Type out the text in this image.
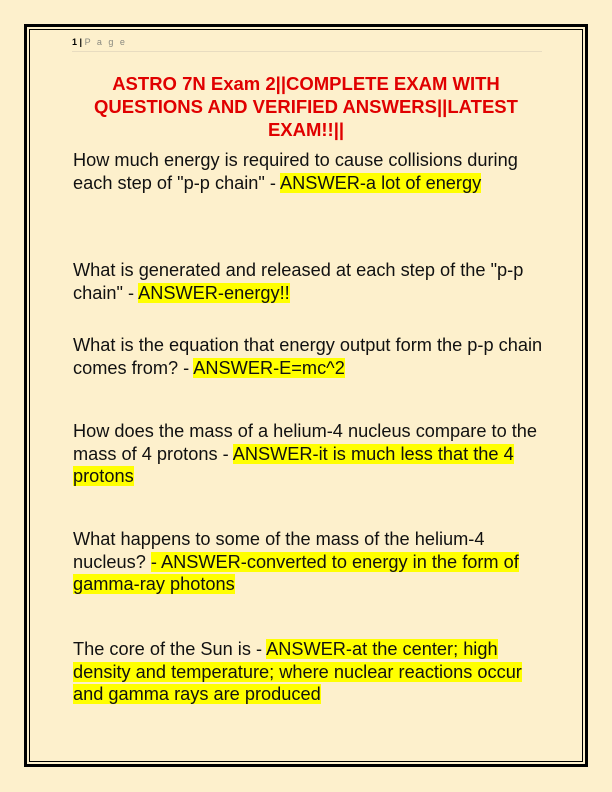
1 | P a g e
ASTRO 7N Exam 2||COMPLETE EXAM WITH QUESTIONS AND VERIFIED ANSWERS||LATEST EXAM!!||
How much energy is required to cause collisions during each step of "p-p chain" - ANSWER-a lot of energy
What is generated and released at each step of the "p-p chain" - ANSWER-energy!!
What is the equation that energy output form the p-p chain comes from? - ANSWER-E=mc^2
How does the mass of a helium-4 nucleus compare to the mass of 4 protons - ANSWER-it is much less that the 4 protons
What happens to some of the mass of the helium-4 nucleus? - ANSWER-converted to energy in the form of gamma-ray photons
The core of the Sun is - ANSWER-at the center; high density and temperature; where nuclear reactions occur and gamma rays are produced
